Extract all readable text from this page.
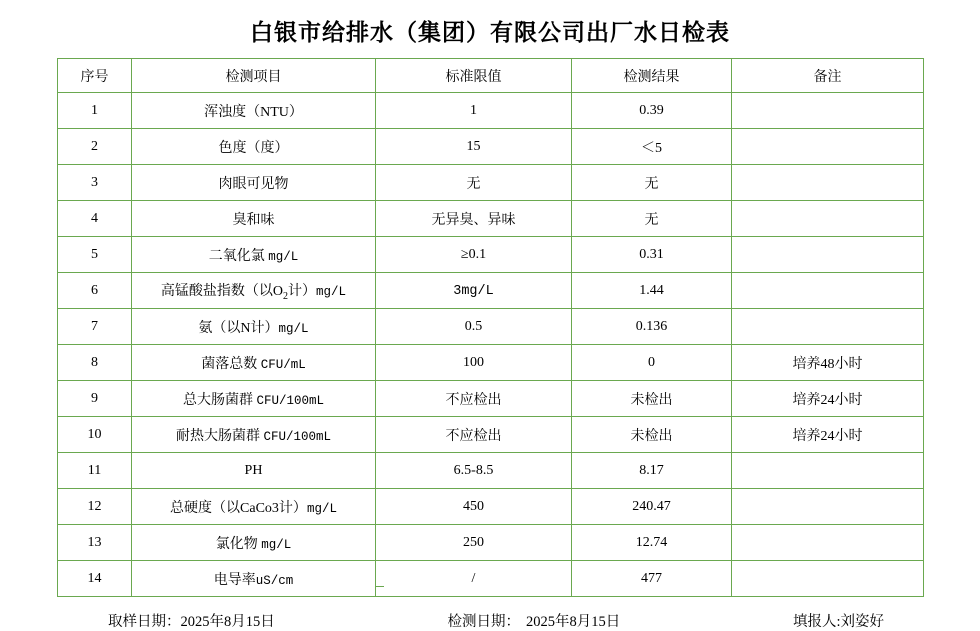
白银市给排水（集团）有限公司出厂水日检表
序号	检测项目	标准限值	检测结果	备注
1	浑浊度（NTU）	1	0.39	
2	色度（度）	15	＜5	
3	肉眼可见物	无	无	
4	臭和味	无异臭、异味	无	
5	二氧化氯 mg/L	≥0.1	0.31	
6	高锰酸盐指数（以$O_2$计）mg/L	3mg/L	1.44	
7	氨（以N计）mg/L	0.5	0.136	
8	菌落总数 CFU/mL	100	0	培养48小时
9	总大肠菌群 CFU/100mL	不应检出	未检出	培养24小时
10	耐热大肠菌群 CFU/100mL	不应检出	未检出	培养24小时
11	PH	6.5-8.5	8.17	
12	总硬度（以CaCo3计）mg/L	450	240.47	
13	氯化物 mg/L	250	12.74	
14	电导率uS/cm	/	477	
取样日期：2025年8月15日	检测日期： 2025年8月15日	填报人:刘姿好
